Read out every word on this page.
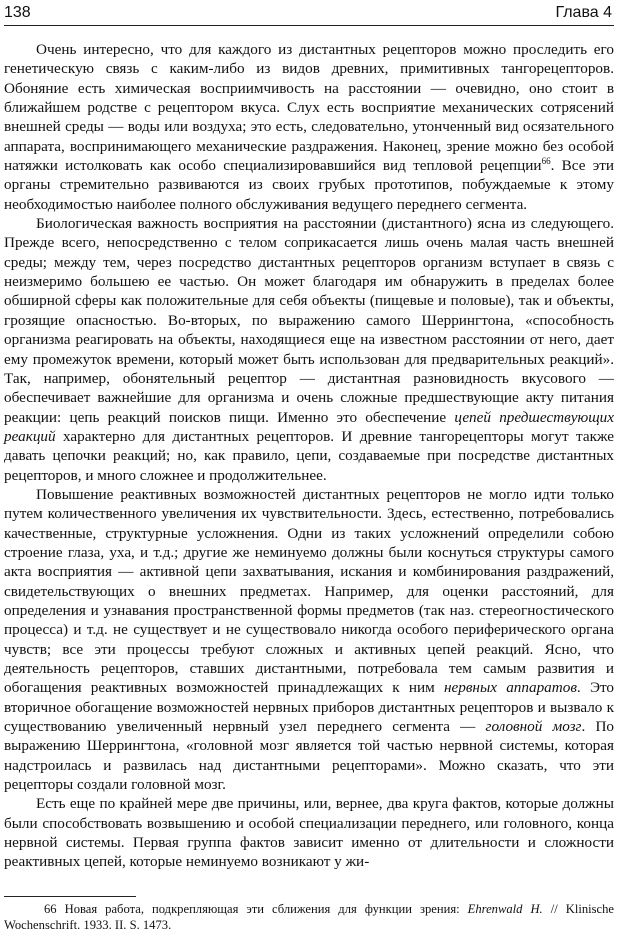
138	Глава 4

Очень интересно, что для каждого из дистантных рецепторов можно проследить его генетическую связь с каким-либо из видов древних, примитивных тангорецепторов. Обоняние есть химическая восприимчивость на расстоянии — очевидно, оно стоит в ближайшем родстве с рецептором вкуса. Слух есть восприятие механических сотрясений внешней среды — воды или воздуха; это есть, следовательно, утонченный вид осязательного аппарата, воспринимающего механические раздражения. Наконец, зрение можно без особой натяжки истолковать как особо специализировавшийся вид тепловой рецепции$^{66}$. Все эти органы стремительно развиваются из своих грубых прототипов, побуждаемые к этому необходимостью наиболее полного обслуживания ведущего переднего сегмента.

Биологическая важность восприятия на расстоянии (дистантного) ясна из следующего. Прежде всего, непосредственно с телом соприкасается лишь очень малая часть внешней среды; между тем, через посредство дистантных рецепторов организм вступает в связь с неизмеримо большею ее частью. Он может благодаря им обнаружить в пределах более обширной сферы как положительные для себя объекты (пищевые и половые), так и объекты, грозящие опасностью. Во-вторых, по выражению самого Шеррингтона, «способность организма реагировать на объекты, находящиеся еще на известном расстоянии от него, дает ему промежуток времени, который может быть использован для предварительных реакций». Так, например, обонятельный рецептор — дистантная разновидность вкусового — обеспечивает важнейшие для организма и очень сложные предшествующие акту питания реакции: цепь реакций поисков пищи. Именно это обеспечение цепей предшествующих реакций характерно для дистантных рецепторов. И древние тангорецепторы могут также давать цепочки реакций; но, как правило, цепи, создаваемые при посредстве дистантных рецепторов, и много сложнее и продолжительнее.

Повышение реактивных возможностей дистантных рецепторов не могло идти только путем количественного увеличения их чувствительности. Здесь, естественно, потребовались качественные, структурные усложнения. Одни из таких усложнений определили собою строение глаза, уха, и т.д.; другие же неминуемо должны были коснуться структуры самого акта восприятия — активной цепи захватывания, искания и комбинирования раздражений, свидетельствующих о внешних предметах. Например, для оценки расстояний, для определения и узнавания пространственной формы предметов (так наз. стереогностического процесса) и т.д. не существует и не существовало никогда особого периферического органа чувств; все эти процессы требуют сложных и активных цепей реакций. Ясно, что деятельность рецепторов, ставших дистантными, потребовала тем самым развития и обогащения реактивных возможностей принадлежащих к ним нервных аппаратов. Это вторичное обогащение возможностей нервных приборов дистантных рецепторов и вызвало к существованию увеличенный нервный узел переднего сегмента — головной мозг. По выражению Шеррингтона, «головной мозг является той частью нервной системы, которая надстроилась и развилась над дистантными рецепторами». Можно сказать, что эти рецепторы создали головной мозг.

Есть еще по крайней мере две причины, или, вернее, два круга фактов, которые должны были способствовать возвышению и особой специализации переднего, или головного, конца нервной системы. Первая группа фактов зависит именно от длительности и сложности реактивных цепей, которые неминуемо возникают у жи-

66 Новая работа, подкрепляющая эти сближения для функции зрения: Ehrenwald H. // Klinische Wochenschrift. 1933. II. S. 1473.
